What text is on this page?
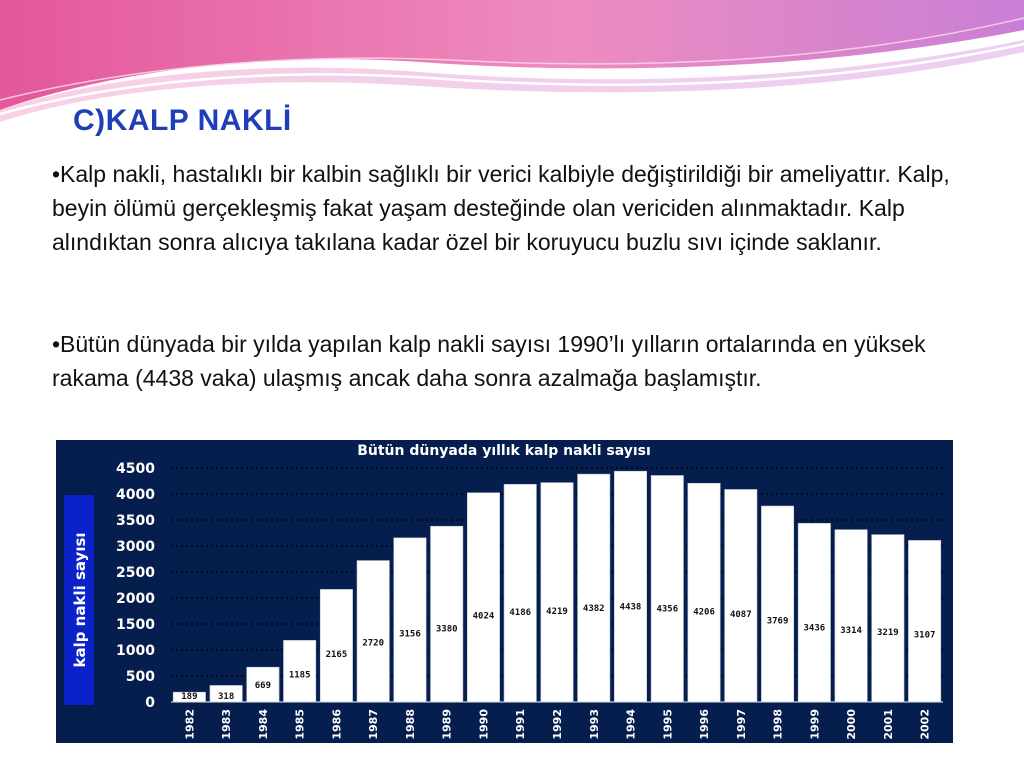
C)KALP NAKLİ

•Kalp nakli, hastalıklı bir kalbin sağlıklı bir verici kalbiyle değiştirildiği bir ameliyattır. Kalp, beyin ölümü gerçekleşmiş fakat yaşam desteğinde olan vericiden alınmaktadır. Kalp alındıktan sonra alıcıya takılana kadar özel bir koruyucu buzlu sıvı içinde saklanır.

•Bütün dünyada bir yılda yapılan kalp nakli sayısı 1990’lı yılların ortalarında en yüksek rakama (4438 vaka) ulaşmış ancak daha sonra azalmağa başlamıştır.

Bütün dünyada yıllık kalp nakli sayısı
kalp nakli sayısı
189 318
669
1185
2165
2720
3156 3380
4024 4186 4219 4382 4438 4356 4206 4087
3769
3436 3314 3219 3107
0
500
1000
1500
2000
2500
3000
3500
4000
4500
1982 1983 1984 1985 1986 1987 1988 1989 1990 1991 1992 1993 1994 1995 1996 1997 1998 1999 2000 2001 2002
